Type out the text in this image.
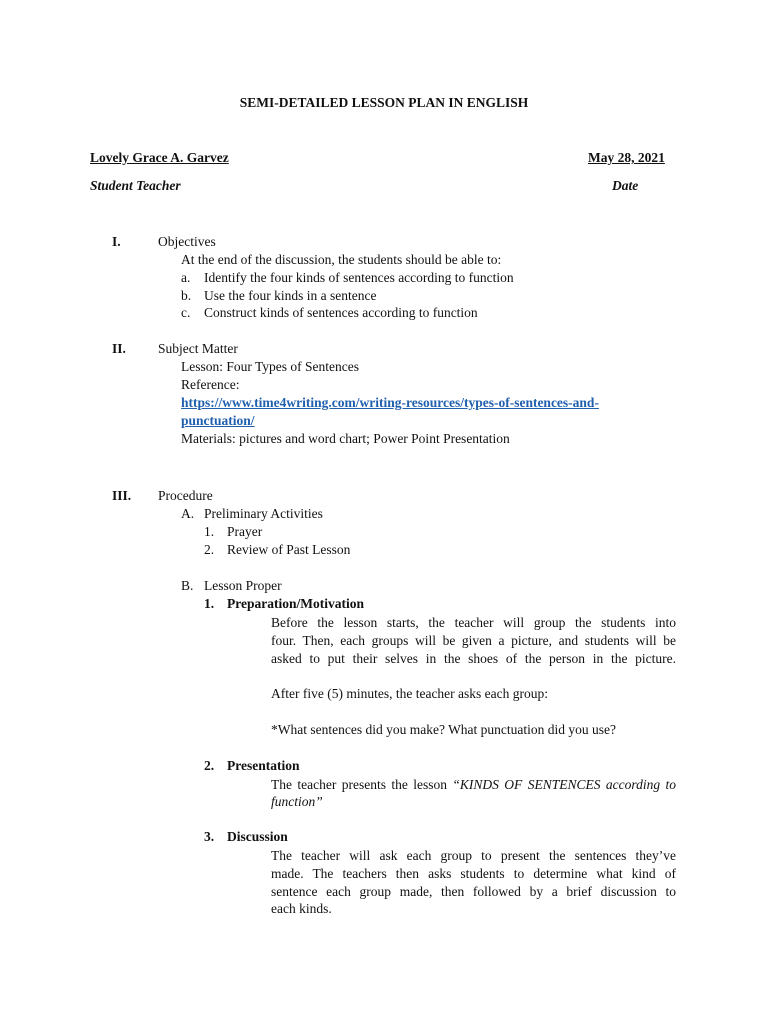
SEMI-DETAILED LESSON PLAN IN ENGLISH
Lovely Grace A. Garvez	May 28, 2021
Student Teacher	Date
I.	Objectives
At the end of the discussion, the students should be able to:
a. Identify the four kinds of sentences according to function
b. Use the four kinds in a sentence
c. Construct kinds of sentences according to function
II. Subject Matter
Lesson: Four Types of Sentences
Reference:
https://www.time4writing.com/writing-resources/types-of-sentences-and-
punctuation/
Materials: pictures and word chart; Power Point Presentation
III. Procedure
A. Preliminary Activities
1. Prayer
2. Review of Past Lesson
B. Lesson Proper
1. Preparation/Motivation
Before the lesson starts, the teacher will group the students into
four. Then, each groups will be given a picture, and students will be
asked to put their selves in the shoes of the person in the picture.
After five (5) minutes, the teacher asks each group:
*What sentences did you make? What punctuation did you use?
2. Presentation
The teacher presents the lesson “KINDS OF SENTENCES according to
function”
3. Discussion
The teacher will ask each group to present the sentences they’ve
made. The teachers then asks students to determine what kind of
sentence each group made, then followed by a brief discussion to
each kinds.
